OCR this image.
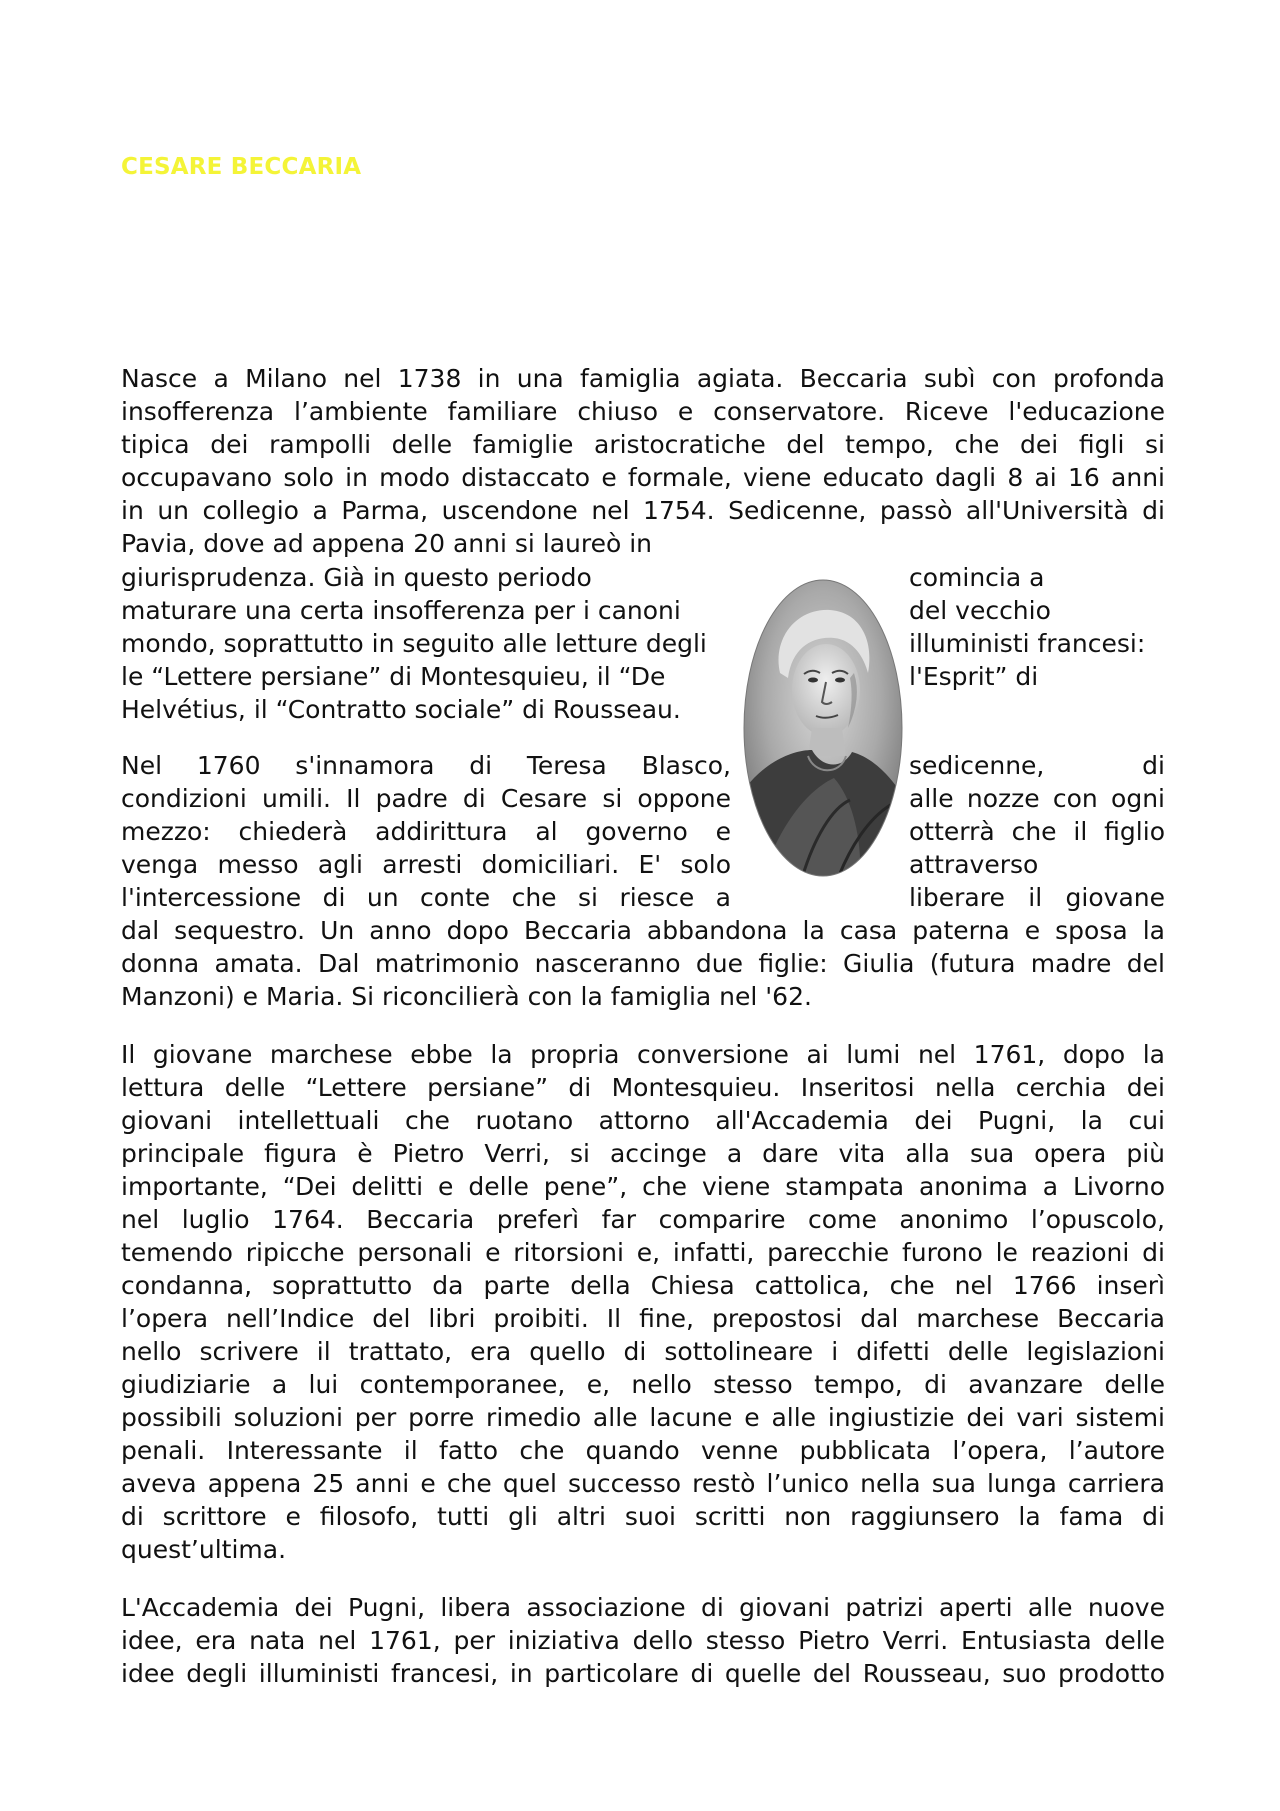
CESARE BECCARIA

Nasce a Milano nel 1738 in una famiglia agiata. Beccaria subì con profonda

insofferenza l’ambiente familiare chiuso e conservatore. Riceve l'educazione

tipica dei rampolli delle famiglie aristocratiche del tempo, che dei figli si

occupavano solo in modo distaccato e formale, viene educato dagli 8 ai 16 anni

in un collegio a Parma, uscendone nel 1754. Sedicenne, passò all'Università di

Pavia, dove ad appena 20 anni si laureò in

giurisprudenza. Già in questo periodo	comincia a

maturare una certa insofferenza per i canoni	del vecchio

mondo, soprattutto in seguito alle letture degli	illuministi francesi:

le “Lettere persiane” di Montesquieu, il “De	l'Esprit” di

Helvétius, il “Contratto sociale” di Rousseau.

Nel 1760 s'innamora di Teresa Blasco,	sedicenne, di

condizioni umili. Il padre di Cesare si oppone	alle nozze con ogni

mezzo: chiederà addirittura al governo e	otterrà che il figlio

venga messo agli arresti domiciliari. E' solo	attraverso

l'intercessione di un conte che si riesce a	liberare il giovane

dal sequestro. Un anno dopo Beccaria abbandona la casa paterna e sposa la

donna amata. Dal matrimonio nasceranno due figlie: Giulia (futura madre del

Manzoni) e Maria. Si riconcilierà con la famiglia nel '62.

Il giovane marchese ebbe la propria conversione ai lumi nel 1761, dopo la

lettura delle “Lettere persiane” di Montesquieu. Inseritosi nella cerchia dei

giovani intellettuali che ruotano attorno all'Accademia dei Pugni, la cui

principale figura è Pietro Verri, si accinge a dare vita alla sua opera più

importante, “Dei delitti e delle pene”, che viene stampata anonima a Livorno

nel luglio 1764. Beccaria preferì far comparire come anonimo l’opuscolo,

temendo ripicche personali e ritorsioni e, infatti, parecchie furono le reazioni di

condanna, soprattutto da parte della Chiesa cattolica, che nel 1766 inserì

l’opera nell’Indice del libri proibiti. Il fine, prepostosi dal marchese Beccaria

nello scrivere il trattato, era quello di sottolineare i difetti delle legislazioni

giudiziarie a lui contemporanee, e, nello stesso tempo, di avanzare delle

possibili soluzioni per porre rimedio alle lacune e alle ingiustizie dei vari sistemi

penali. Interessante il fatto che quando venne pubblicata l’opera, l’autore

aveva appena 25 anni e che quel successo restò l’unico nella sua lunga carriera

di scrittore e filosofo, tutti gli altri suoi scritti non raggiunsero la fama di

quest’ultima.

L'Accademia dei Pugni, libera associazione di giovani patrizi aperti alle nuove

idee, era nata nel 1761, per iniziativa dello stesso Pietro Verri. Entusiasta delle

idee degli illuministi francesi, in particolare di quelle del Rousseau, suo prodotto
